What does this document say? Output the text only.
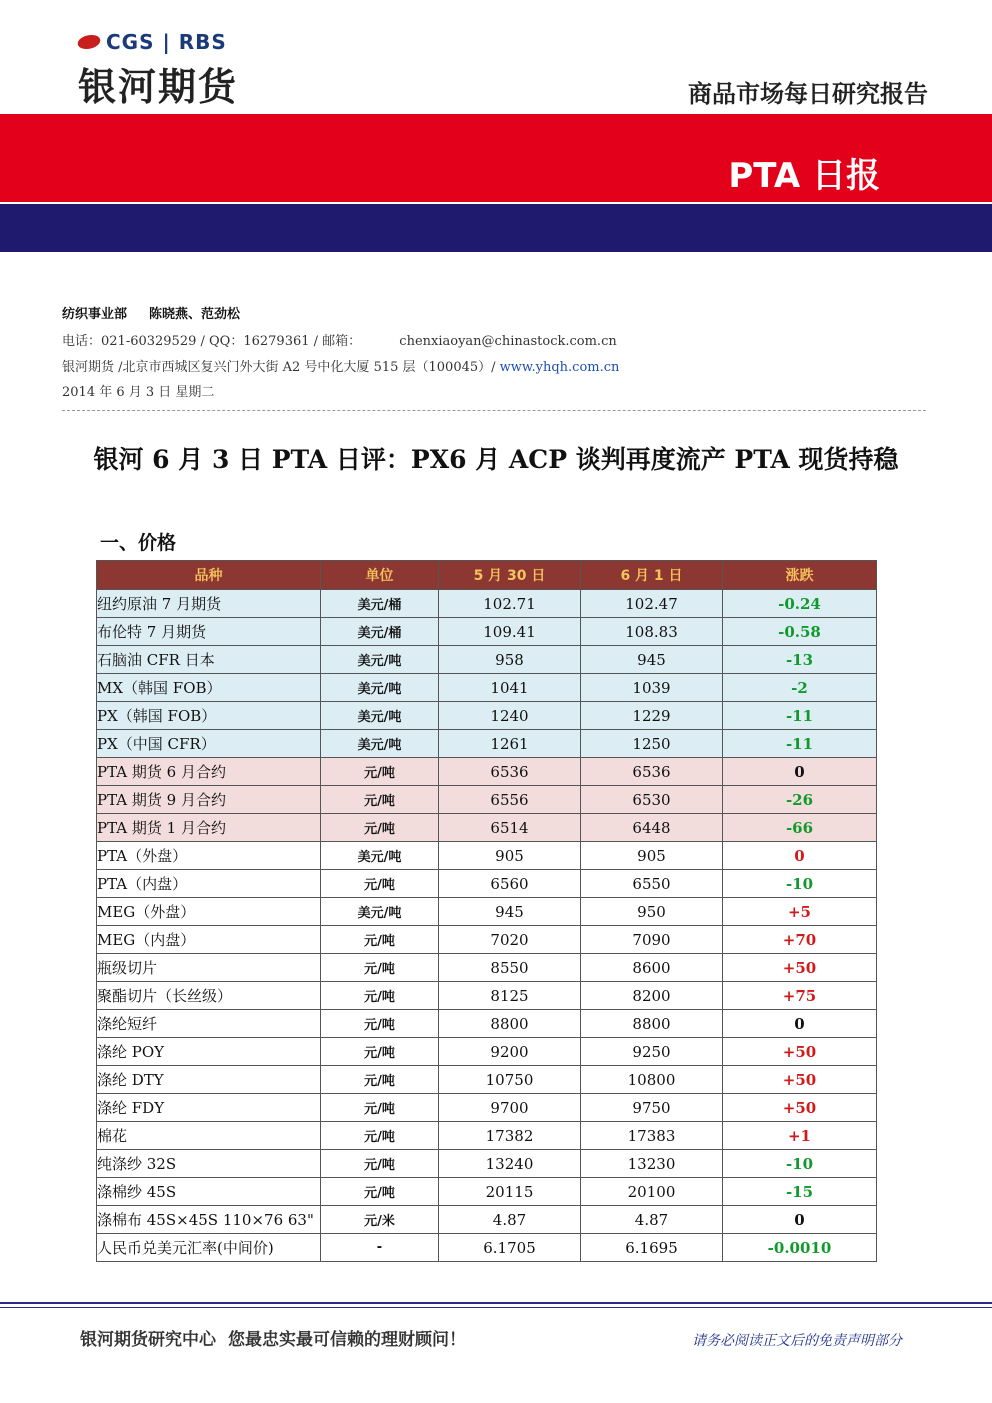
CGS | RBS
银河期货	商品市场每日研究报告
PTA 日报
纺织事业部 陈晓燕、范劲松
电话：021-60329529 / QQ：16279361 / 邮箱：	chenxiaoyan@chinastock.com.cn
银河期货 /北京市西城区复兴门外大街 A2 号中化大厦 515 层（100045）/ www.yhqh.com.cn
2014 年 6 月 3 日 星期二
银河 6 月 3 日 PTA 日评：PX6 月 ACP 谈判再度流产 PTA 现货持稳
一、价格
品种	单位	5 月 30 日	6 月 1 日	涨跌
纽约原油 7 月期货	美元/桶	102.71	102.47	-0.24
布伦特 7 月期货	美元/桶	109.41	108.83	-0.58
石脑油 CFR 日本	美元/吨	958	945	-13
MX（韩国 FOB）	美元/吨	1041	1039	-2
PX（韩国 FOB）	美元/吨	1240	1229	-11
PX（中国 CFR）	美元/吨	1261	1250	-11
PTA 期货 6 月合约	元/吨	6536	6536	0
PTA 期货 9 月合约	元/吨	6556	6530	-26
PTA 期货 1 月合约	元/吨	6514	6448	-66
PTA（外盘）	美元/吨	905	905	0
PTA（内盘）	元/吨	6560	6550	-10
MEG（外盘）	美元/吨	945	950	+5
MEG（内盘）	元/吨	7020	7090	+70
瓶级切片	元/吨	8550	8600	+50
聚酯切片（长丝级）	元/吨	8125	8200	+75
涤纶短纤	元/吨	8800	8800	0
涤纶 POY	元/吨	9200	9250	+50
涤纶 DTY	元/吨	10750	10800	+50
涤纶 FDY	元/吨	9700	9750	+50
棉花	元/吨	17382	17383	+1
纯涤纱 32S	元/吨	13240	13230	-10
涤棉纱 45S	元/吨	20115	20100	-15
涤棉布 45S×45S 110×76 63"	元/米	4.87	4.87	0
人民币兑美元汇率(中间价)	-	6.1705	6.1695	-0.0010
银河期货研究中心 您最忠实最可信赖的理财顾问！	请务必阅读正文后的免责声明部分
